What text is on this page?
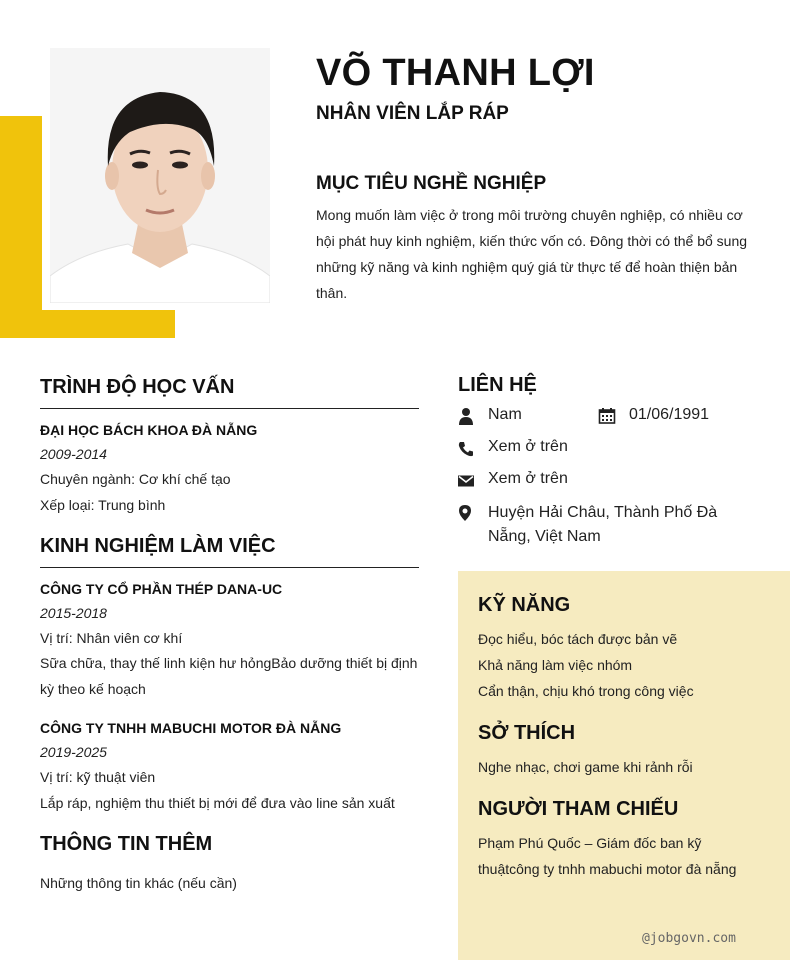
VÕ THANH LỢI
NHÂN VIÊN LẮP RÁP
MỤC TIÊU NGHỀ NGHIỆP
Mong muốn làm việc ở trong môi trường chuyên nghiệp, có nhiều cơ hội phát huy kinh nghiệm, kiến thức vốn có. Đông thời có thể bổ sung những kỹ năng và kinh nghiệm quý giá từ thực tế để hoàn thiện bản thân.
TRÌNH ĐỘ HỌC VẤN
ĐẠI HỌC BÁCH KHOA ĐÀ NẴNG
2009-2014
Chuyên ngành: Cơ khí chế tạo
Xếp loại: Trung bình
KINH NGHIỆM LÀM VIỆC
CÔNG TY CỔ PHẦN THÉP DANA-UC
2015-2018
Vị trí: Nhân viên cơ khí
Sữa chữa, thay thế linh kiện hư hỏngBảo dưỡng thiết bị định kỳ theo kế hoạch
CÔNG TY TNHH MABUCHI MOTOR ĐÀ NẴNG
2019-2025
Vị trí: kỹ thuật viên
Lắp ráp, nghiệm thu thiết bị mới để đưa vào line sản xuất
THÔNG TIN THÊM
Những thông tin khác (nếu cần)
LIÊN HỆ
Nam	01/06/1991
Xem ở trên
Xem ở trên
Huyện Hải Châu, Thành Phố Đà Nẵng, Việt Nam
KỸ NĂNG
Đọc hiểu, bóc tách được bản vẽ
Khả năng làm việc nhóm
Cẩn thận, chịu khó trong công việc
SỞ THÍCH
Nghe nhạc, chơi game khi rảnh rỗi
NGƯỜI THAM CHIẾU
Phạm Phú Quốc – Giám đốc ban kỹ thuậtcông ty tnhh mabuchi motor đà nẵng
@jobgovn.com
